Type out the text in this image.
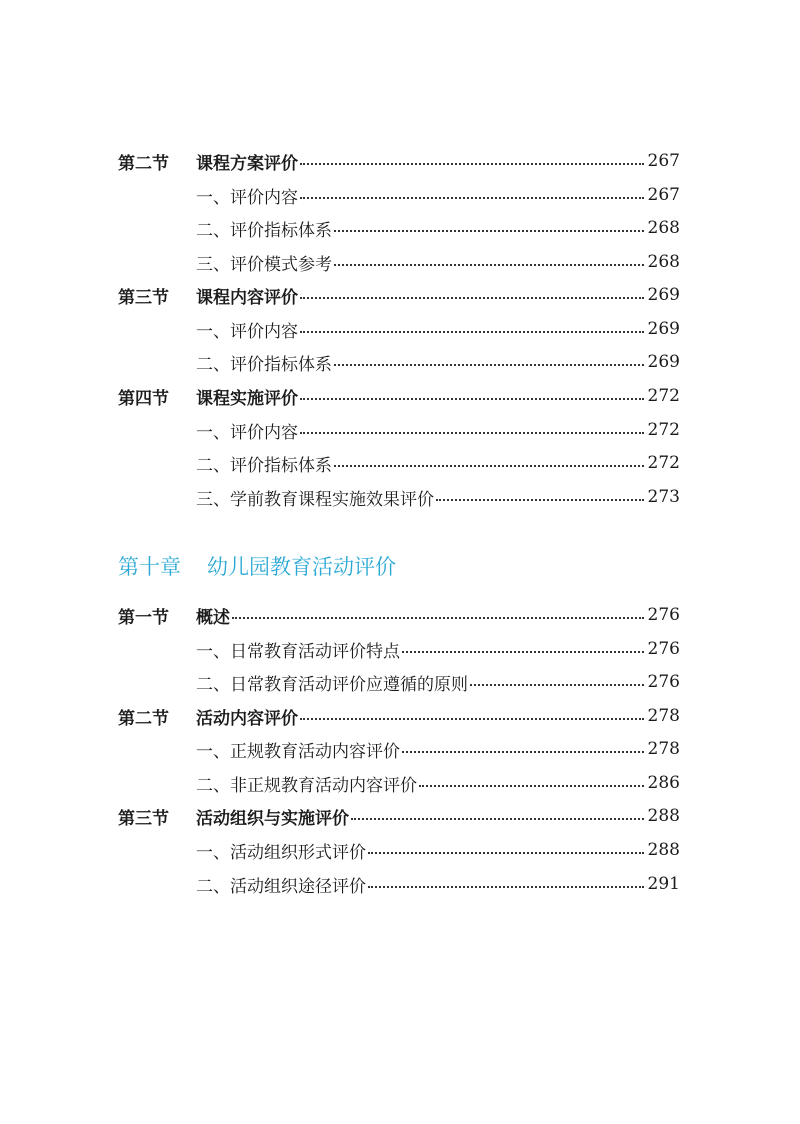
第二节	课程方案评价	267
一、评价内容	267
二、评价指标体系	268
三、评价模式参考	268
第三节	课程内容评价	269
一、评价内容	269
二、评价指标体系	269
第四节	课程实施评价	272
一、评价内容	272
二、评价指标体系	272
三、学前教育课程实施效果评价	273
第十章 幼儿园教育活动评价
第一节	概述	276
一、日常教育活动评价特点	276
二、日常教育活动评价应遵循的原则	276
第二节	活动内容评价	278
一、正规教育活动内容评价	278
二、非正规教育活动内容评价	286
第三节	活动组织与实施评价	288
一、活动组织形式评价	288
二、活动组织途径评价	291
